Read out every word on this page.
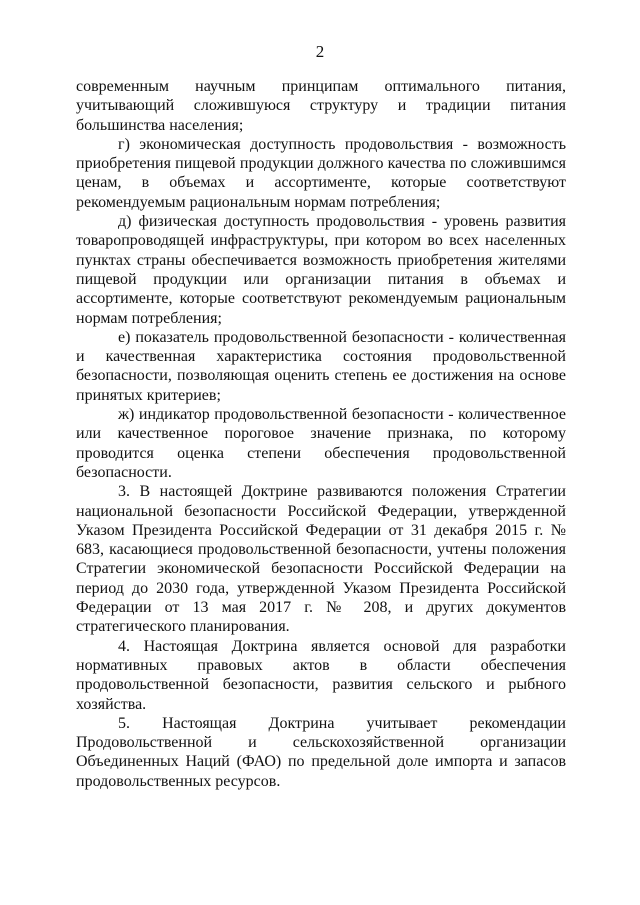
2

современным научным принципам оптимального питания, учитывающий сложившуюся структуру и традиции питания большинства населения;

г) экономическая доступность продовольствия - возможность приобретения пищевой продукции должного качества по сложившимся ценам, в объемах и ассортименте, которые соответствуют рекомендуемым рациональным нормам потребления;

д) физическая доступность продовольствия - уровень развития товаропроводящей инфраструктуры, при котором во всех населенных пунктах страны обеспечивается возможность приобретения жителями пищевой продукции или организации питания в объемах и ассортименте, которые соответствуют рекомендуемым рациональным нормам потребления;

е) показатель продовольственной безопасности - количественная и качественная характеристика состояния продовольственной безопасности, позволяющая оценить степень ее достижения на основе принятых критериев;

ж) индикатор продовольственной безопасности - количественное или качественное пороговое значение признака, по которому проводится оценка степени обеспечения продовольственной безопасности.

3. В настоящей Доктрине развиваются положения Стратегии национальной безопасности Российской Федерации, утвержденной Указом Президента Российской Федерации от 31 декабря 2015 г. № 683, касающиеся продовольственной безопасности, учтены положения Стратегии экономической безопасности Российской Федерации на период до 2030 года, утвержденной Указом Президента Российской Федерации от 13 мая 2017 г. № 208, и других документов стратегического планирования.

4. Настоящая Доктрина является основой для разработки нормативных правовых актов в области обеспечения продовольственной безопасности, развития сельского и рыбного хозяйства.

5. Настоящая Доктрина учитывает рекомендации Продовольственной и сельскохозяйственной организации Объединенных Наций (ФАО) по предельной доле импорта и запасов продовольственных ресурсов.
